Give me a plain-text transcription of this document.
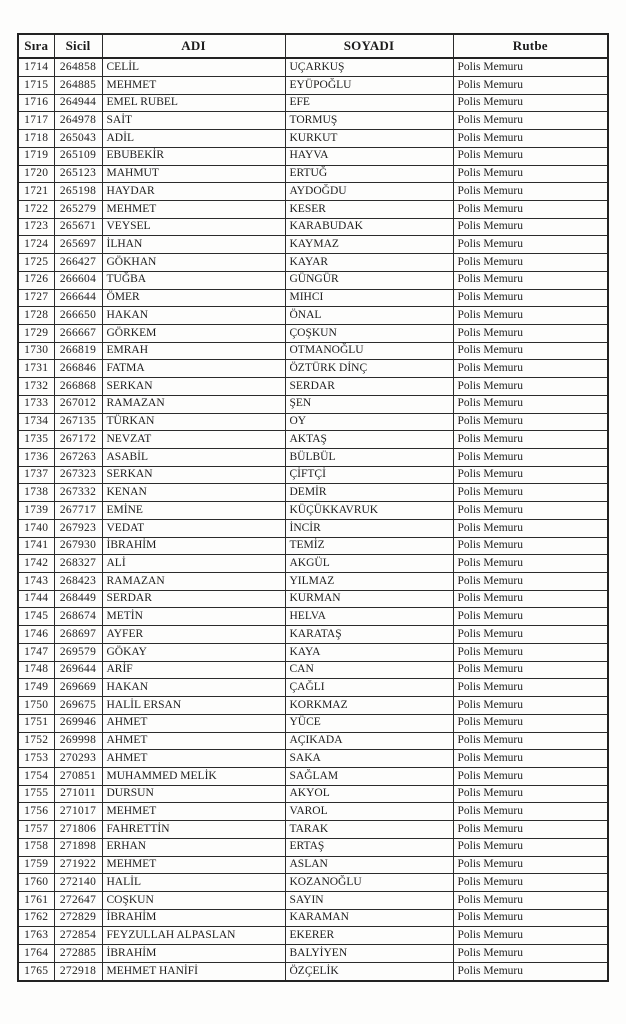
Sıra	Sicil	ADI	SOYADI	Rutbe
1714	264858	CELİL	UÇARKUŞ	Polis Memuru
1715	264885	MEHMET	EYÜPOĞLU	Polis Memuru
1716	264944	EMEL RUBEL	EFE	Polis Memuru
1717	264978	SAİT	TORMUŞ	Polis Memuru
1718	265043	ADİL	KURKUT	Polis Memuru
1719	265109	EBUBEKİR	HAYVA	Polis Memuru
1720	265123	MAHMUT	ERTUĞ	Polis Memuru
1721	265198	HAYDAR	AYDOĞDU	Polis Memuru
1722	265279	MEHMET	KESER	Polis Memuru
1723	265671	VEYSEL	KARABUDAK	Polis Memuru
1724	265697	İLHAN	KAYMAZ	Polis Memuru
1725	266427	GÖKHAN	KAYAR	Polis Memuru
1726	266604	TUĞBA	GÜNGÜR	Polis Memuru
1727	266644	ÖMER	MIHCI	Polis Memuru
1728	266650	HAKAN	ÖNAL	Polis Memuru
1729	266667	GÖRKEM	ÇOŞKUN	Polis Memuru
1730	266819	EMRAH	OTMANOĞLU	Polis Memuru
1731	266846	FATMA	ÖZTÜRK DİNÇ	Polis Memuru
1732	266868	SERKAN	SERDAR	Polis Memuru
1733	267012	RAMAZAN	ŞEN	Polis Memuru
1734	267135	TÜRKAN	OY	Polis Memuru
1735	267172	NEVZAT	AKTAŞ	Polis Memuru
1736	267263	ASABİL	BÜLBÜL	Polis Memuru
1737	267323	SERKAN	ÇİFTÇİ	Polis Memuru
1738	267332	KENAN	DEMİR	Polis Memuru
1739	267717	EMİNE	KÜÇÜKKAVRUK	Polis Memuru
1740	267923	VEDAT	İNCİR	Polis Memuru
1741	267930	İBRAHİM	TEMİZ	Polis Memuru
1742	268327	ALİ	AKGÜL	Polis Memuru
1743	268423	RAMAZAN	YILMAZ	Polis Memuru
1744	268449	SERDAR	KURMAN	Polis Memuru
1745	268674	METİN	HELVA	Polis Memuru
1746	268697	AYFER	KARATAŞ	Polis Memuru
1747	269579	GÖKAY	KAYA	Polis Memuru
1748	269644	ARİF	CAN	Polis Memuru
1749	269669	HAKAN	ÇAĞLI	Polis Memuru
1750	269675	HALİL ERSAN	KORKMAZ	Polis Memuru
1751	269946	AHMET	YÜCE	Polis Memuru
1752	269998	AHMET	AÇIKADA	Polis Memuru
1753	270293	AHMET	SAKA	Polis Memuru
1754	270851	MUHAMMED MELİK	SAĞLAM	Polis Memuru
1755	271011	DURSUN	AKYOL	Polis Memuru
1756	271017	MEHMET	VAROL	Polis Memuru
1757	271806	FAHRETTİN	TARAK	Polis Memuru
1758	271898	ERHAN	ERTAŞ	Polis Memuru
1759	271922	MEHMET	ASLAN	Polis Memuru
1760	272140	HALİL	KOZANOĞLU	Polis Memuru
1761	272647	COŞKUN	SAYIN	Polis Memuru
1762	272829	İBRAHİM	KARAMAN	Polis Memuru
1763	272854	FEYZULLAH ALPASLAN	EKERER	Polis Memuru
1764	272885	İBRAHİM	BALYİYEN	Polis Memuru
1765	272918	MEHMET HANİFİ	ÖZÇELİK	Polis Memuru
